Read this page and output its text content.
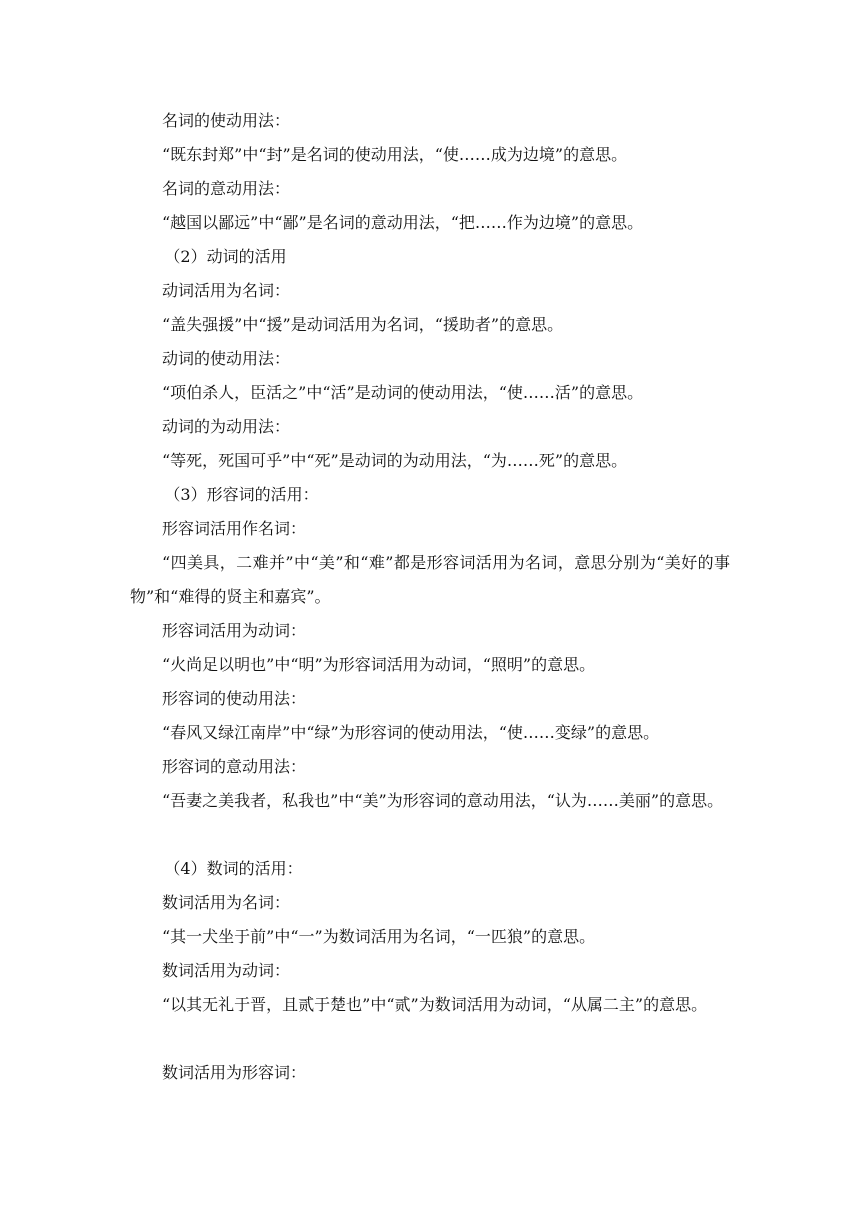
名词的使动用法：

“既东封郑”中“封”是名词的使动用法，“使……成为边境”的意思。

名词的意动用法：

“越国以鄙远”中“鄙”是名词的意动用法，“把……作为边境”的意思。

（2）动词的活用

动词活用为名词：

“盖失强援”中“援”是动词活用为名词，“援助者”的意思。

动词的使动用法：

“项伯杀人，臣活之”中“活”是动词的使动用法，“使……活”的意思。

动词的为动用法：

“等死，死国可乎”中“死”是动词的为动用法，“为……死”的意思。

（3）形容词的活用：

形容词活用作名词：

“四美具，二难并”中“美”和“难”都是形容词活用为名词，意思分别为“美好的事物”和“难得的贤主和嘉宾”。

形容词活用为动词：

“火尚足以明也”中“明”为形容词活用为动词，“照明”的意思。

形容词的使动用法：

“春风又绿江南岸”中“绿”为形容词的使动用法，“使……变绿”的意思。

形容词的意动用法：

“吾妻之美我者，私我也”中“美”为形容词的意动用法，“认为……美丽”的意思。

（4）数词的活用：

数词活用为名词：

“其一犬坐于前”中“一”为数词活用为名词，“一匹狼”的意思。

数词活用为动词：

“以其无礼于晋，且贰于楚也”中“贰”为数词活用为动词，“从属二主”的意思。

数词活用为形容词：
